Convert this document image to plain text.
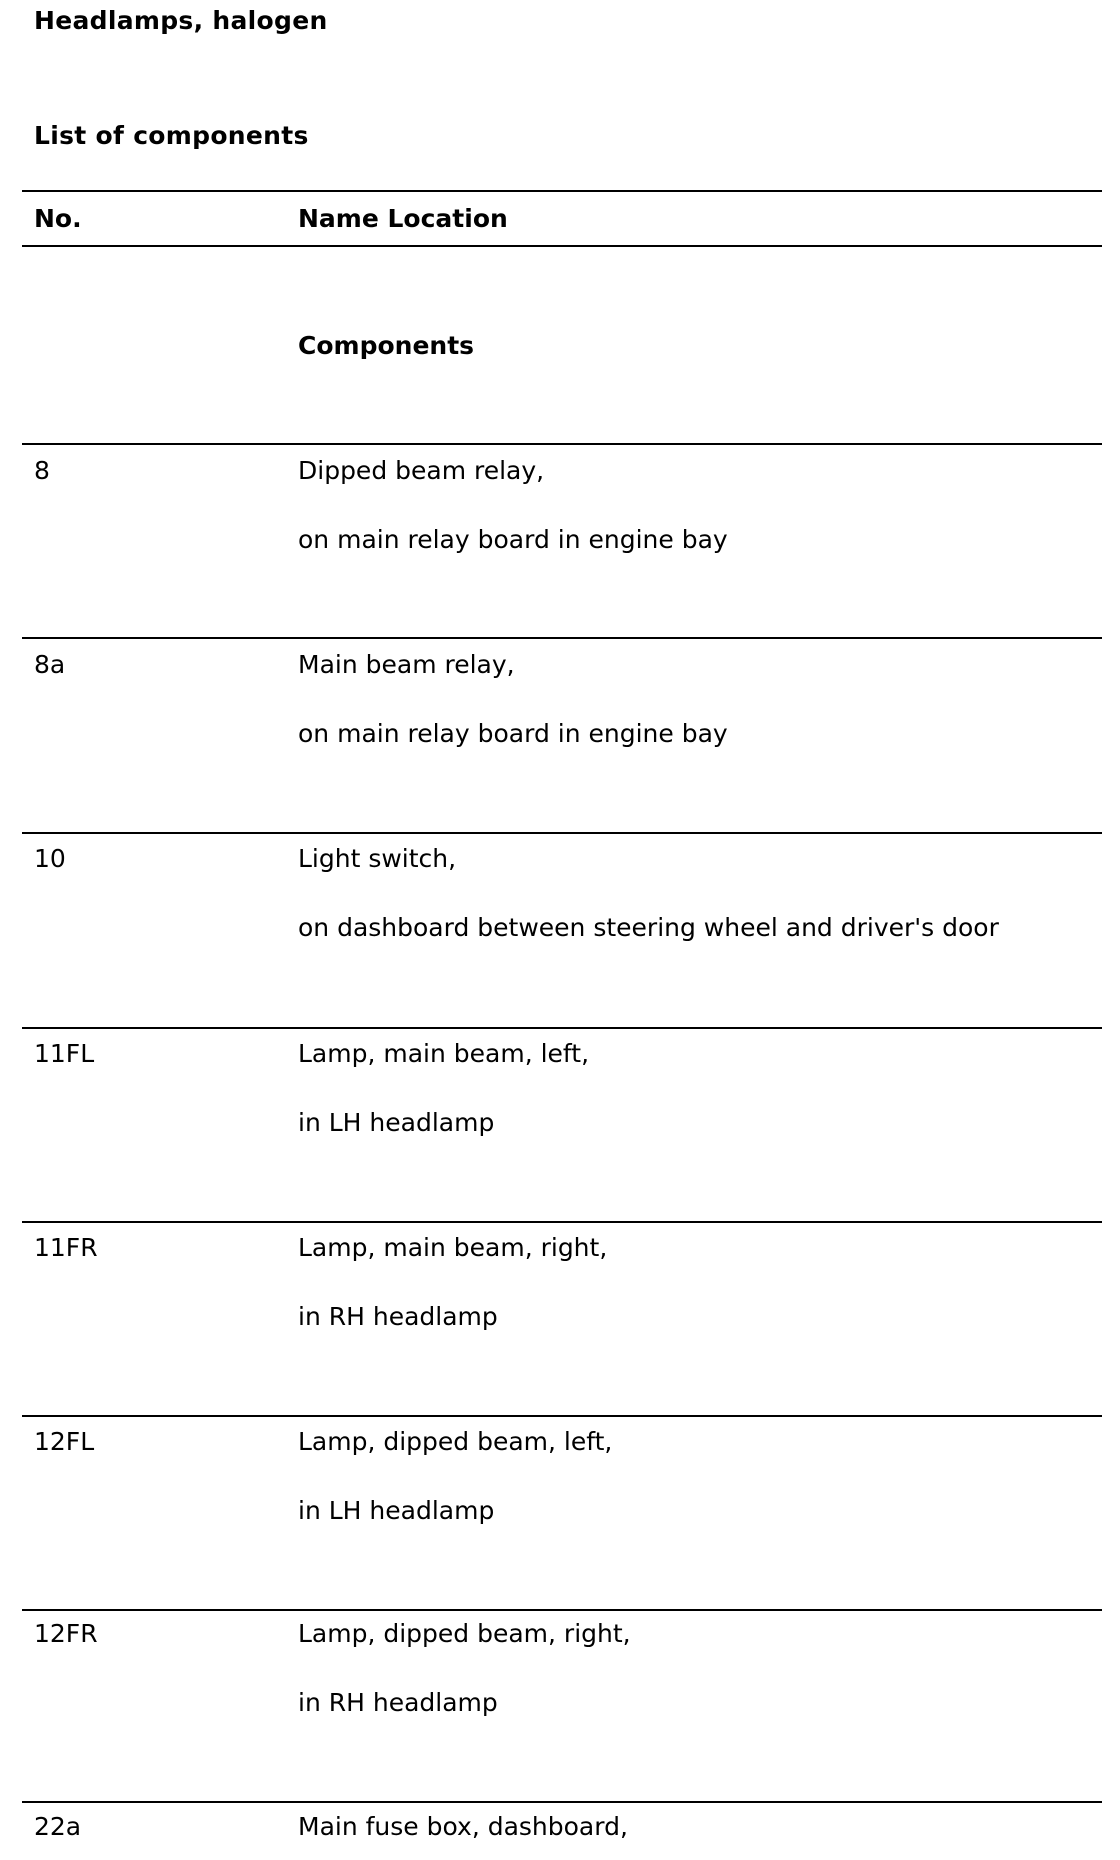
Headlamps, halogen
List of components
No.	Name Location
Components
8	Dipped beam relay,
on main relay board in engine bay
8a	Main beam relay,
on main relay board in engine bay
10	Light switch,
on dashboard between steering wheel and driver's door
11FL	Lamp, main beam, left,
in LH headlamp
11FR	Lamp, main beam, right,
in RH headlamp
12FL	Lamp, dipped beam, left,
in LH headlamp
12FR	Lamp, dipped beam, right,
in RH headlamp
22a	Main fuse box, dashboard,
